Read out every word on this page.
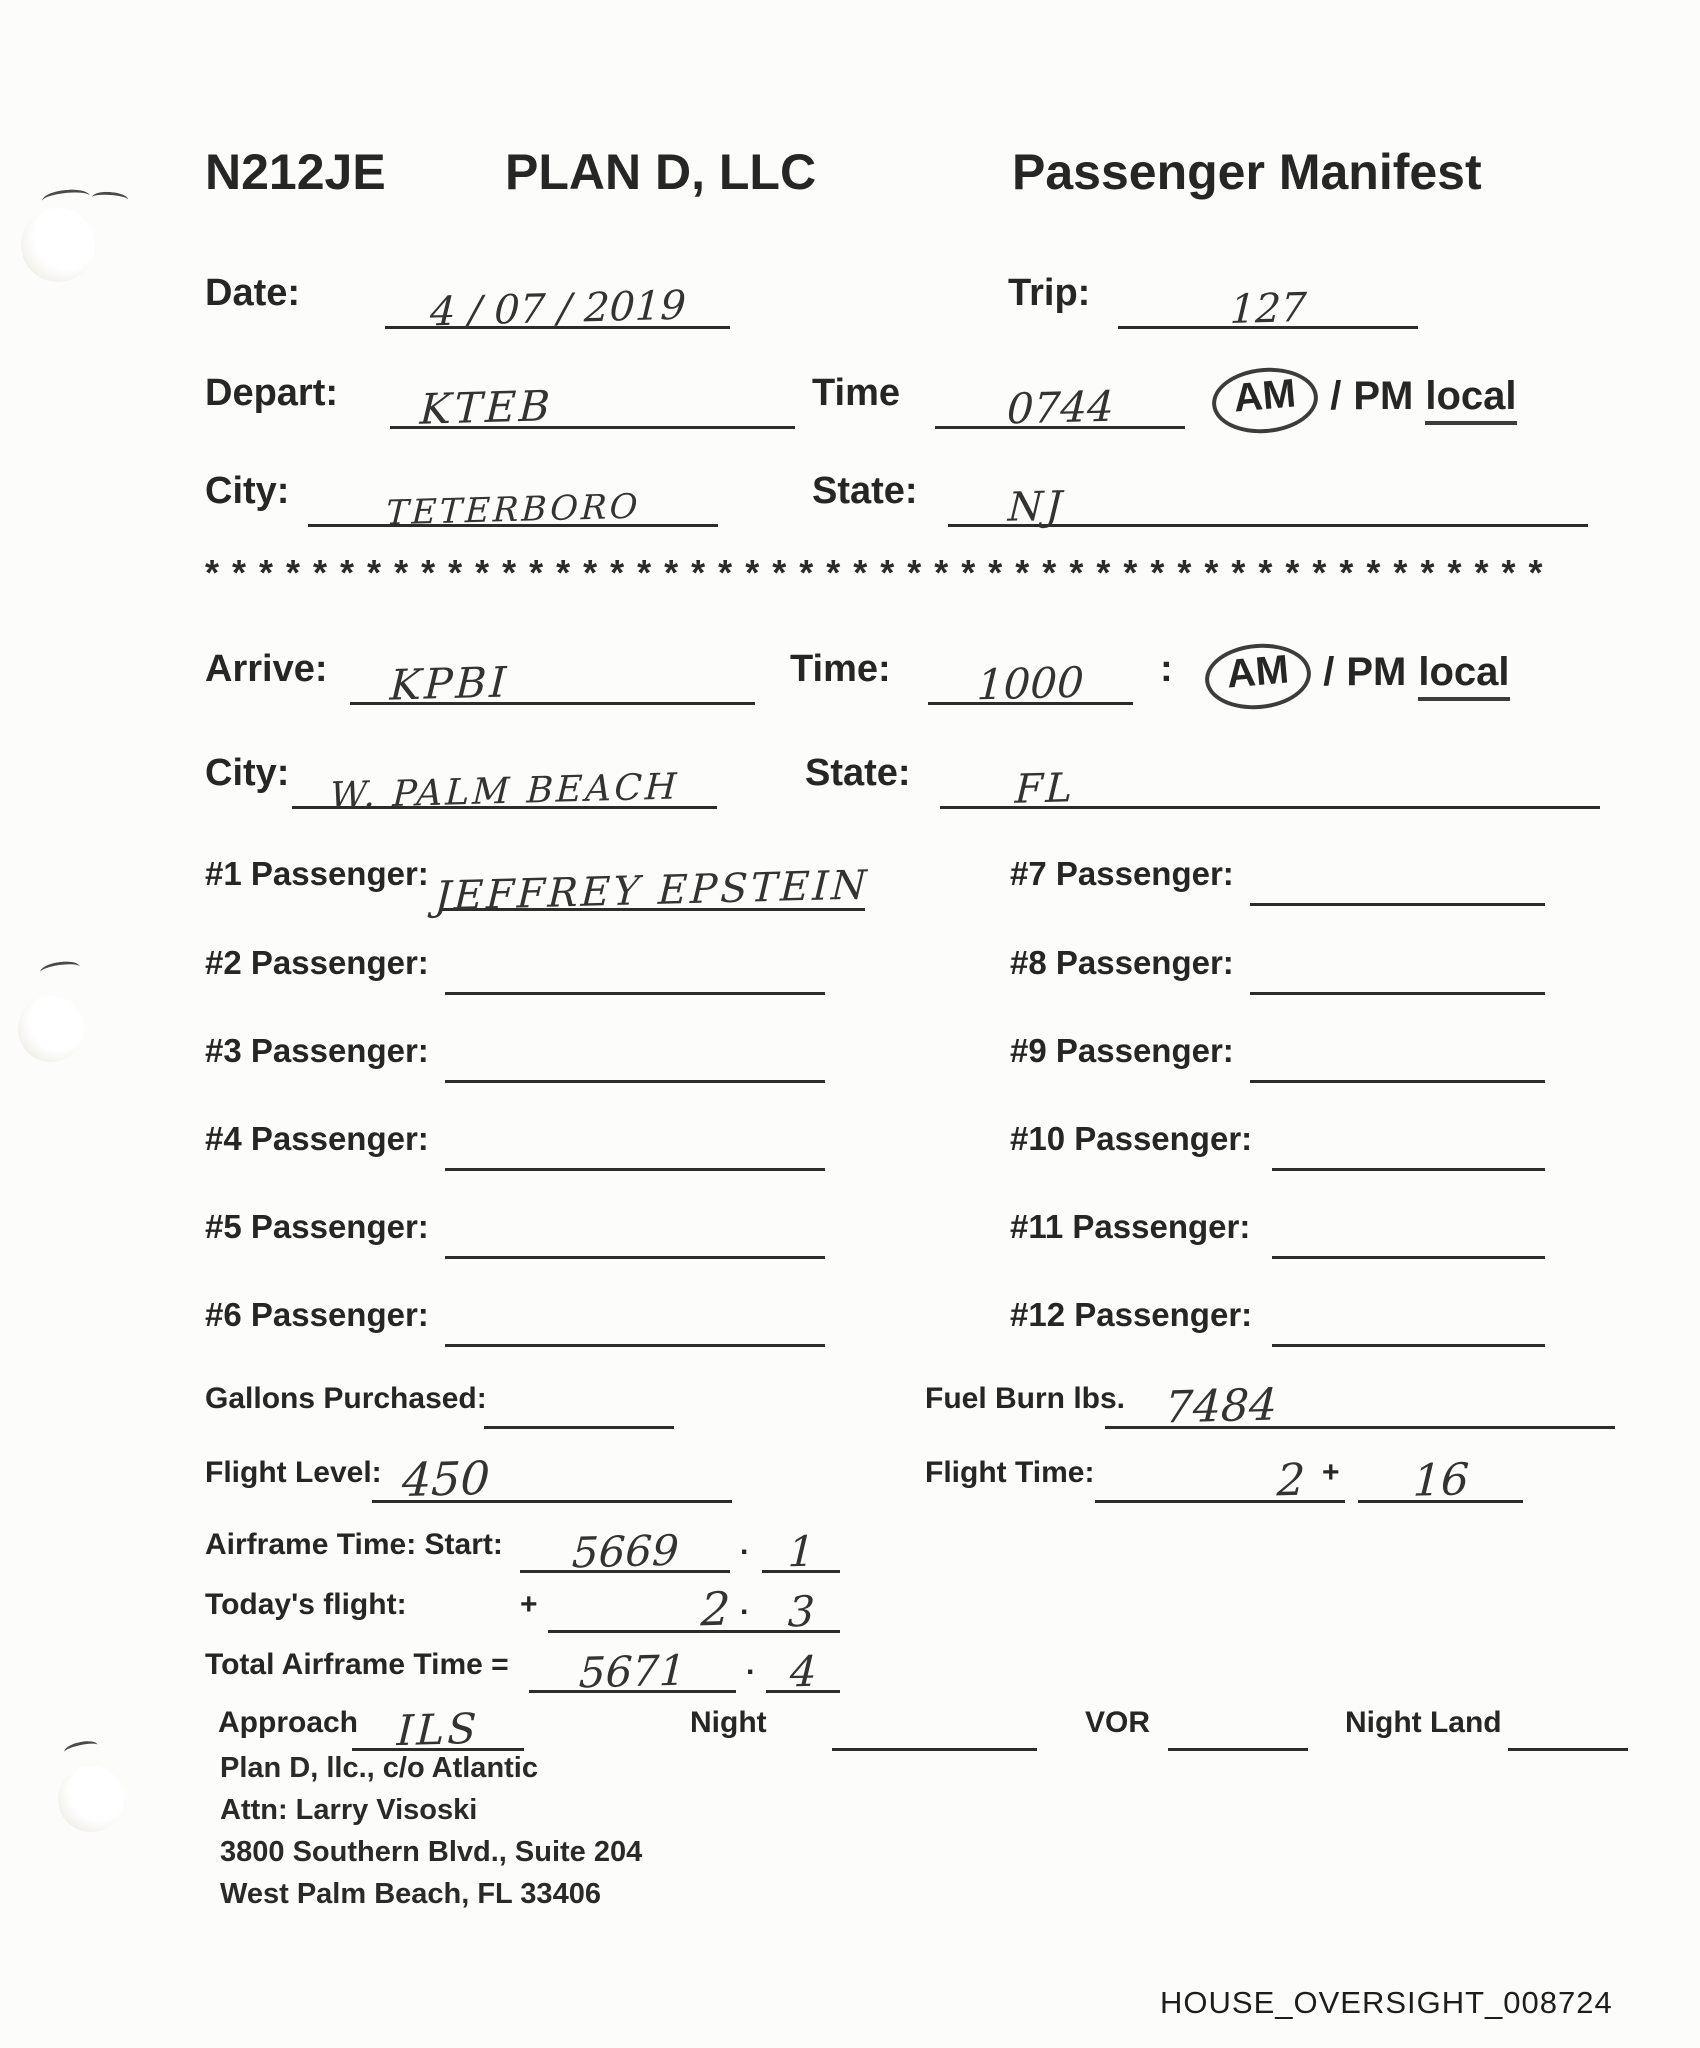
N212JE PLAN D, LLC	Passenger Manifest
Date:	4 / 07 / 2019	Trip:	127
Depart: KTEB	Time	0744	AM / PM local
City:	TETERBORO	State: NJ
**************************************************
Arrive: KPBI	Time: 1000 :	AM / PM local
City: W. PALM BEACH	State:	FL
#1 Passenger: JEFFREY EPSTEIN
#2 Passenger:
#3 Passenger:
#4 Passenger:
#5 Passenger:
#6 Passenger:
#7 Passenger:
#8 Passenger:
#9 Passenger:
#10 Passenger:
#11 Passenger:
#12 Passenger:
Gallons Purchased:	Fuel Burn lbs. 7484
Flight Level: 450	Flight Time:	2 + 16
Airframe Time: Start: 5669 . 1
Today's flight:	+	2 . 3
Total Airframe Time = 5671 . 4
Approach ILS	Night	VOR	Night Land
Plan D, llc., c/o Atlantic
Attn: Larry Visoski
3800 Southern Blvd., Suite 204
West Palm Beach, FL 33406
HOUSE_OVERSIGHT_008724
